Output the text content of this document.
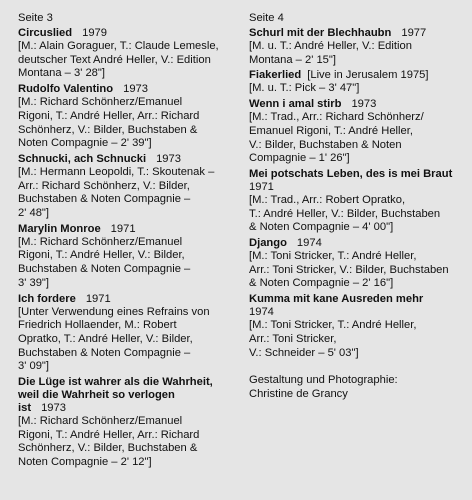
Seite 3
Circuslied 1979
[M.: Alain Goraguer, T.: Claude Lemesle,
deutscher Text André Heller, V.: Edition
Montana – 3' 28"]
Rudolfo Valentino 1973
[M.: Richard Schönherz/Emanuel
Rigoni, T.: André Heller, Arr.: Richard
Schönherz, V.: Bilder, Buchstaben &
Noten Compagnie – 2' 39"]
Schnucki, ach Schnucki 1973
[M.: Hermann Leopoldi, T.: Skoutenak –
Arr.: Richard Schönherz, V.: Bilder,
Buchstaben & Noten Compagnie –
2' 48"]
Marylin Monroe 1971
[M.: Richard Schönherz/Emanuel
Rigoni, T.: André Heller, V.: Bilder,
Buchstaben & Noten Compagnie –
3' 39"]
Ich fordere 1971
[Unter Verwendung eines Refrains von
Friedrich Hollaender, M.: Robert
Opratko, T.: André Heller, V.: Bilder,
Buchstaben & Noten Compagnie –
3' 09"]
Die Lüge ist wahrer als die Wahrheit,
weil die Wahrheit so verlogen
ist 1973
[M.: Richard Schönherz/Emanuel
Rigoni, T.: André Heller, Arr.: Richard
Schönherz, V.: Bilder, Buchstaben &
Noten Compagnie – 2' 12"]
Seite 4
Schurl mit der Blechhaubn 1977
[M. u. T.: André Heller, V.: Edition
Montana – 2' 15"]
Fiakerlied [Live in Jerusalem 1975]
[M. u. T.: Pick – 3' 47"]
Wenn i amal stirb 1973
[M.: Trad., Arr.: Richard Schönherz/
Emanuel Rigoni, T.: André Heller,
V.: Bilder, Buchstaben & Noten
Compagnie – 1' 26"]
Mei potschats Leben, des is mei Braut
1971
[M.: Trad., Arr.: Robert Opratko,
T.: André Heller, V.: Bilder, Buchstaben
& Noten Compagnie – 4' 00"]
Django 1974
[M.: Toni Stricker, T.: André Heller,
Arr.: Toni Stricker, V.: Bilder, Buchstaben
& Noten Compagnie – 2' 16"]
Kumma mit kane Ausreden mehr
1974
[M.: Toni Stricker, T.: André Heller,
Arr.: Toni Stricker,
V.: Schneider – 5' 03"]
Gestaltung und Photographie:
Christine de Grancy
